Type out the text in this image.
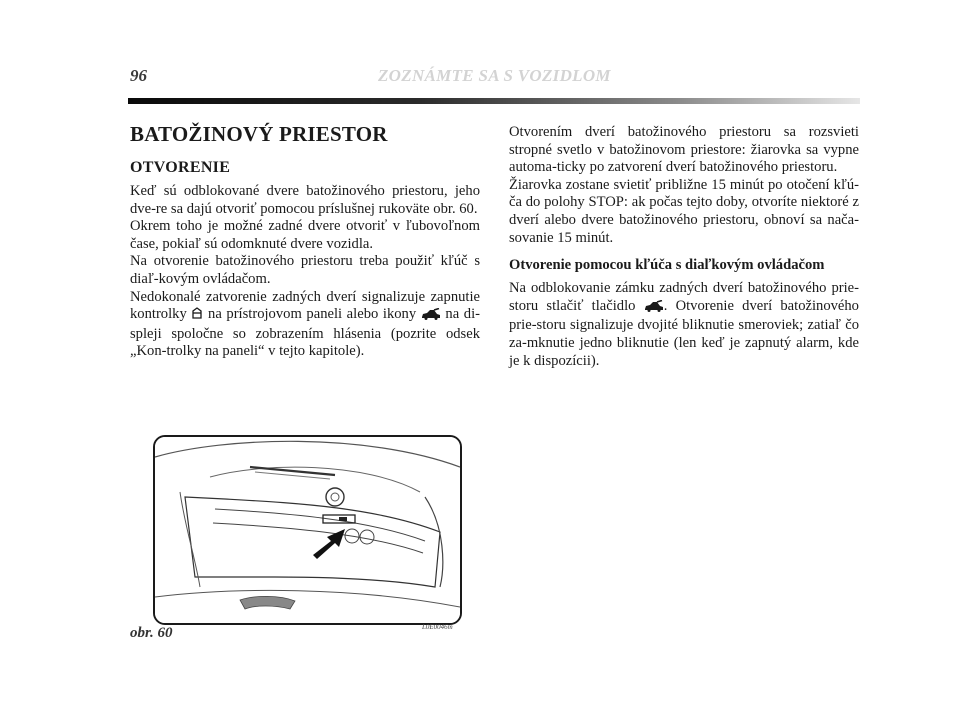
96	ZOZNÁMTE SA S VOZIDLOM
BATOŽINOVÝ PRIESTOR
OTVORENIE

Keď sú odblokované dvere batožinového priestoru, jeho dve-re sa dajú otvoriť pomocou príslušnej rukoväte obr. 60.

Okrem toho je možné zadné dvere otvoriť v ľubovoľnom čase, pokiaľ sú odomknuté dvere vozidla.

Na otvorenie batožinového priestoru treba použiť kľúč s diaľ-kovým ovládačom.

Nedokonalé zatvorenie zadných dverí signalizuje zapnutie kontrolky na prístrojovom paneli alebo ikony na di-spleji spoločne so zobrazením hlásenia (pozrite odsek „Kon-trolky na paneli“ v tejto kapitole).

Otvorením dverí batožinového priestoru sa rozsvieti stropné svetlo v batožinovom priestore: žiarovka sa vypne automa-ticky po zatvorení dverí batožinového priestoru.

Žiarovka zostane svietiť približne 15 minút po otočení kľú-ča do polohy STOP: ak počas tejto doby, otvoríte niektoré z dverí alebo dvere batožinového priestoru, obnoví sa nača-sovanie 15 minút.

Otvorenie pomocou kľúča s diaľkovým ovládačom

Na odblokovanie zámku zadných dverí batožinového prie-storu stlačiť tlačidlo . Otvorenie dverí batožinového prie-storu signalizuje dvojité bliknutie smeroviek; zatiaľ čo za-mknutie jedno bliknutie (len keď je zapnutý alarm, kde je k dispozícii).

obr. 60	L0E0046m
